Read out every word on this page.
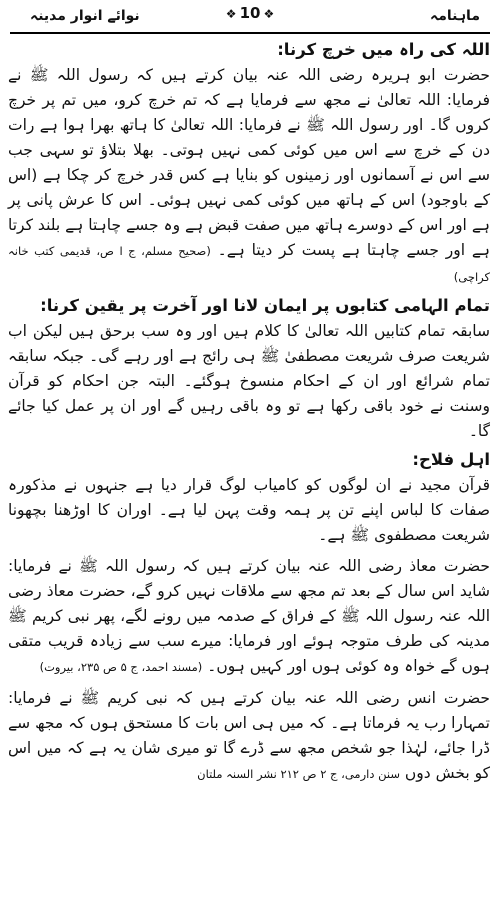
ماہنامہ
❖ 10 ❖
نوائے انوار مدینہ
اللہ کی راہ میں خرچ کرنا:
حضرت ابو ہریرہ رضی اللہ عنہ بیان کرتے ہیں کہ رسول اللہ ﷺ نے فرمایا: اللہ تعالیٰ نے مجھ سے فرمایا ہے کہ تم خرچ کرو، میں تم پر خرچ کروں گا۔ اور رسول اللہ ﷺ نے فرمایا: اللہ تعالیٰ کا ہاتھ بھرا ہوا ہے رات دن کے خرچ سے اس میں کوئی کمی نہیں ہوتی۔ بھلا بتلاؤ تو سہی جب سے اس نے آسمانوں اور زمینوں کو بنایا ہے کس قدر خرچ کر چکا ہے (اس کے باوجود) اس کے ہاتھ میں کوئی کمی نہیں ہوئی۔ اس کا عرش پانی پر ہے اور اس کے دوسرے ہاتھ میں صفت قبض ہے وہ جسے چاہتا ہے بلند کرتا ہے اور جسے چاہتا ہے پست کر دیتا ہے۔ (صحیح مسلم، ج ا ص، قدیمی کتب خانہ کراچی)
تمام الہامی کتابوں پر ایمان لانا اور آخرت پر یقین کرنا:
سابقہ تمام کتابیں اللہ تعالیٰ کا کلام ہیں اور وہ سب برحق ہیں لیکن اب شریعت صرف شریعت مصطفیٰ ﷺ ہی رائج ہے اور رہے گی۔ جبکہ سابقہ تمام شرائع اور ان کے احکام منسوخ ہوگئے۔ البتہ جن احکام کو قرآن وسنت نے خود باقی رکھا ہے تو وہ باقی رہیں گے اور ان پر عمل کیا جائے گا۔
اہل فلاح:
قرآن مجید نے ان لوگوں کو کامیاب لوگ قرار دیا ہے جنہوں نے مذکورہ صفات کا لباس اپنے تن پر ہمہ وقت پہن لیا ہے۔ اوران کا اوڑھنا بچھونا شریعت مصطفوی ﷺ ہے۔
حضرت معاذ رضی اللہ عنہ بیان کرتے ہیں کہ رسول اللہ ﷺ نے فرمایا: شاید اس سال کے بعد تم مجھ سے ملاقات نہیں کرو گے، حضرت معاذ رضی اللہ عنہ رسول اللہ ﷺ کے فراق کے صدمہ میں رونے لگے، پھر نبی کریم ﷺ مدینہ کی طرف متوجہ ہوئے اور فرمایا: میرے سب سے زیادہ قریب متقی ہوں گے خواہ وہ کوئی ہوں اور کہیں ہوں۔ (مسند احمد، ج ۵ ص ۲۳۵، بیروت)
حضرت انس رضی اللہ عنہ بیان کرتے ہیں کہ نبی کریم ﷺ نے فرمایا: تمہارا رب یہ فرماتا ہے۔ کہ میں ہی اس بات کا مستحق ہوں کہ مجھ سے ڈرا جائے، لہٰذا جو شخص مجھ سے ڈرے گا تو میری شان یہ ہے کہ میں اس کو بخش دوں سنن دارمی، ج ۲ ص ۲۱۲ نشر السنہ ملتان
